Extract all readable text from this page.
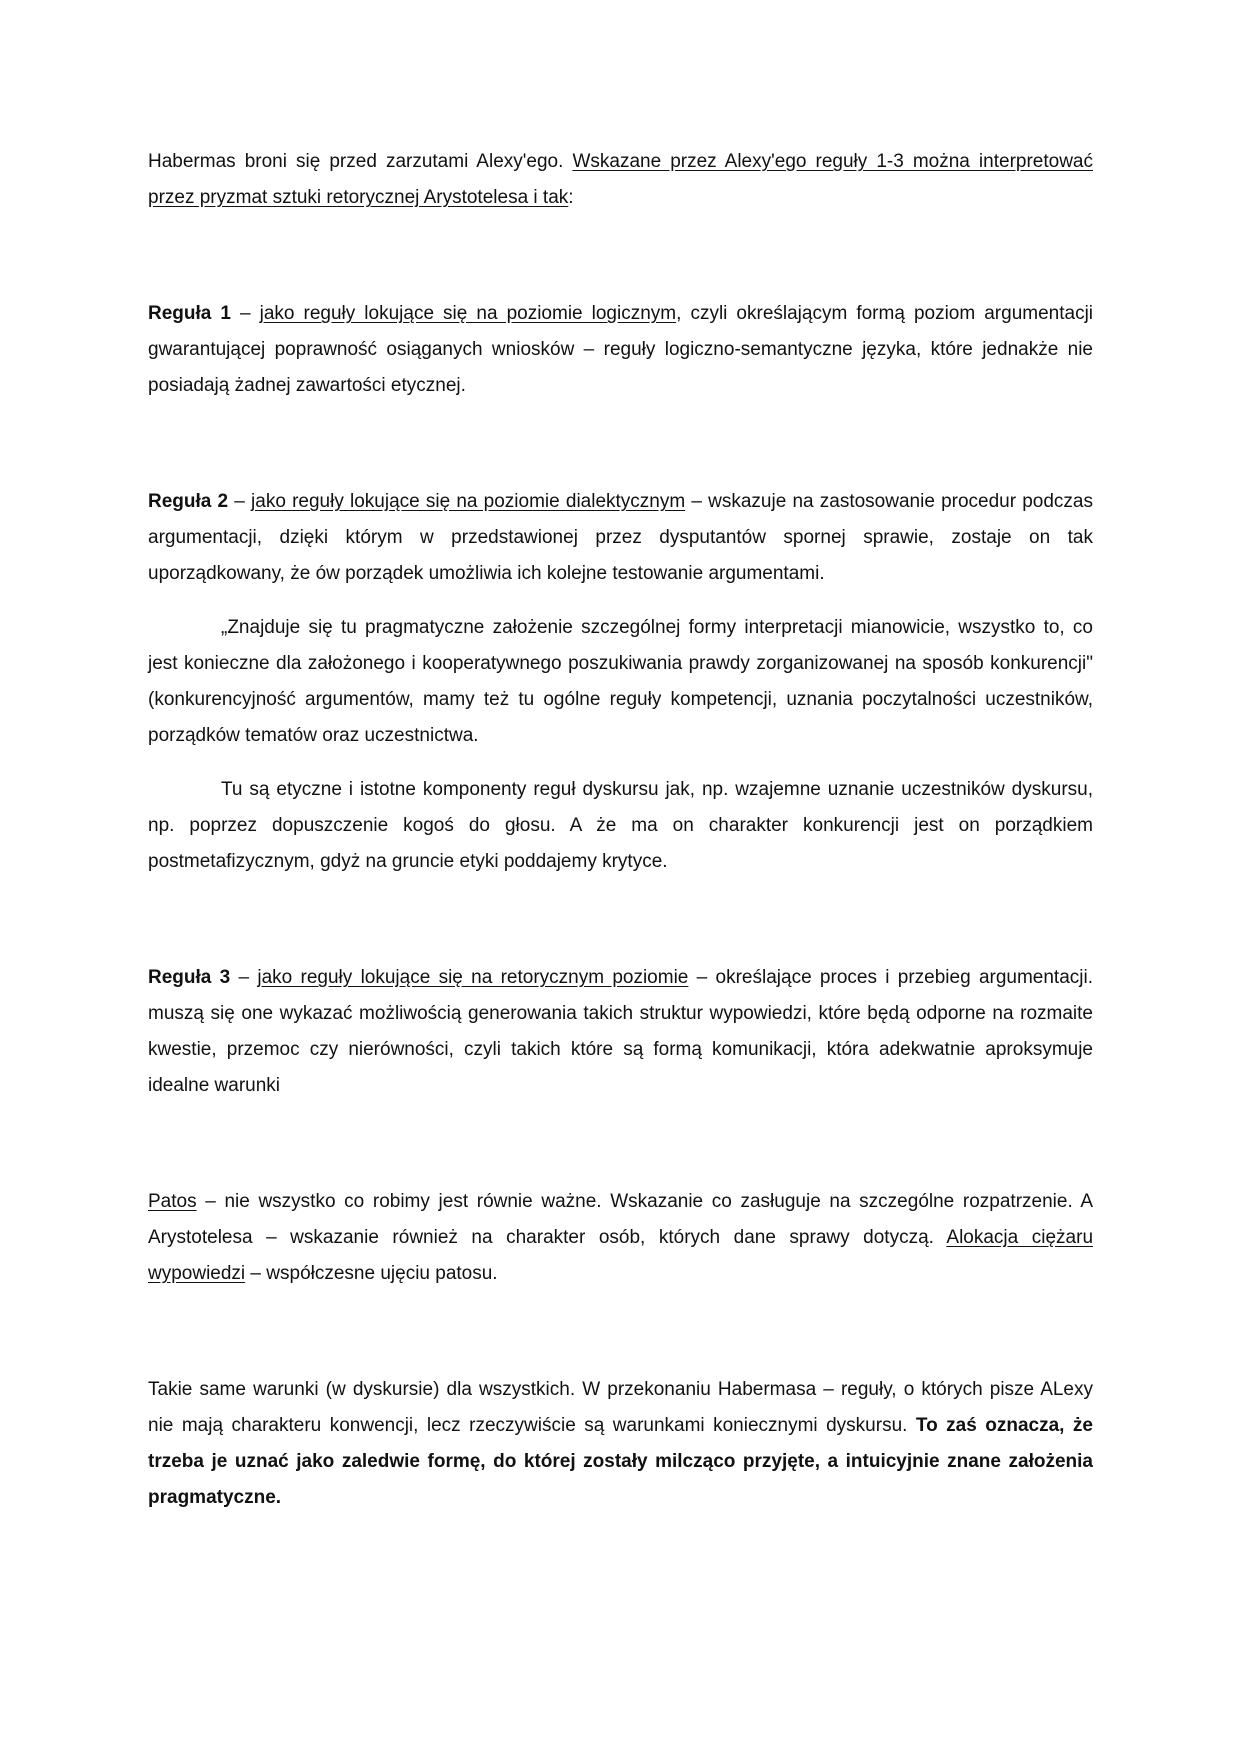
Habermas broni się przed zarzutami Alexy'ego. Wskazane przez Alexy'ego reguły 1-3 można interpretować przez pryzmat sztuki retorycznej Arystotelesa i tak:

Reguła 1 – jako reguły lokujące się na poziomie logicznym, czyli określającym formą poziom argumentacji gwarantującej poprawność osiąganych wniosków – reguły logiczno-semantyczne języka, które jednakże nie posiadają żadnej zawartości etycznej.

Reguła 2 – jako reguły lokujące się na poziomie dialektycznym – wskazuje na zastosowanie procedur podczas argumentacji, dzięki którym w przedstawionej przez dysputantów spornej sprawie, zostaje on tak uporządkowany, że ów porządek umożliwia ich kolejne testowanie argumentami.

„Znajduje się tu pragmatyczne założenie szczególnej formy interpretacji mianowicie, wszystko to, co jest konieczne dla założonego i kooperatywnego poszukiwania prawdy zorganizowanej na sposób konkurencji" (konkurencyjność argumentów, mamy też tu ogólne reguły kompetencji, uznania poczytalności uczestników, porządków tematów oraz uczestnictwa.

Tu są etyczne i istotne komponenty reguł dyskursu jak, np. wzajemne uznanie uczestników dyskursu, np. poprzez dopuszczenie kogoś do głosu. A że ma on charakter konkurencji jest on porządkiem postmetafizycznym, gdyż na gruncie etyki poddajemy krytyce.

Reguła 3 – jako reguły lokujące się na retorycznym poziomie – określające proces i przebieg argumentacji. muszą się one wykazać możliwością generowania takich struktur wypowiedzi, które będą odporne na rozmaite kwestie, przemoc czy nierówności, czyli takich które są formą komunikacji, która adekwatnie aproksymuje idealne warunki

Patos – nie wszystko co robimy jest równie ważne. Wskazanie co zasługuje na szczególne rozpatrzenie. A Arystotelesa – wskazanie również na charakter osób, których dane sprawy dotyczą. Alokacja ciężaru wypowiedzi – współczesne ujęciu patosu.

Takie same warunki (w dyskursie) dla wszystkich. W przekonaniu Habermasa – reguły, o których pisze ALexy nie mają charakteru konwencji, lecz rzeczywiście są warunkami koniecznymi dyskursu. To zaś oznacza, że trzeba je uznać jako zaledwie formę, do której zostały milcząco przyjęte, a intuicyjnie znane założenia pragmatyczne.
